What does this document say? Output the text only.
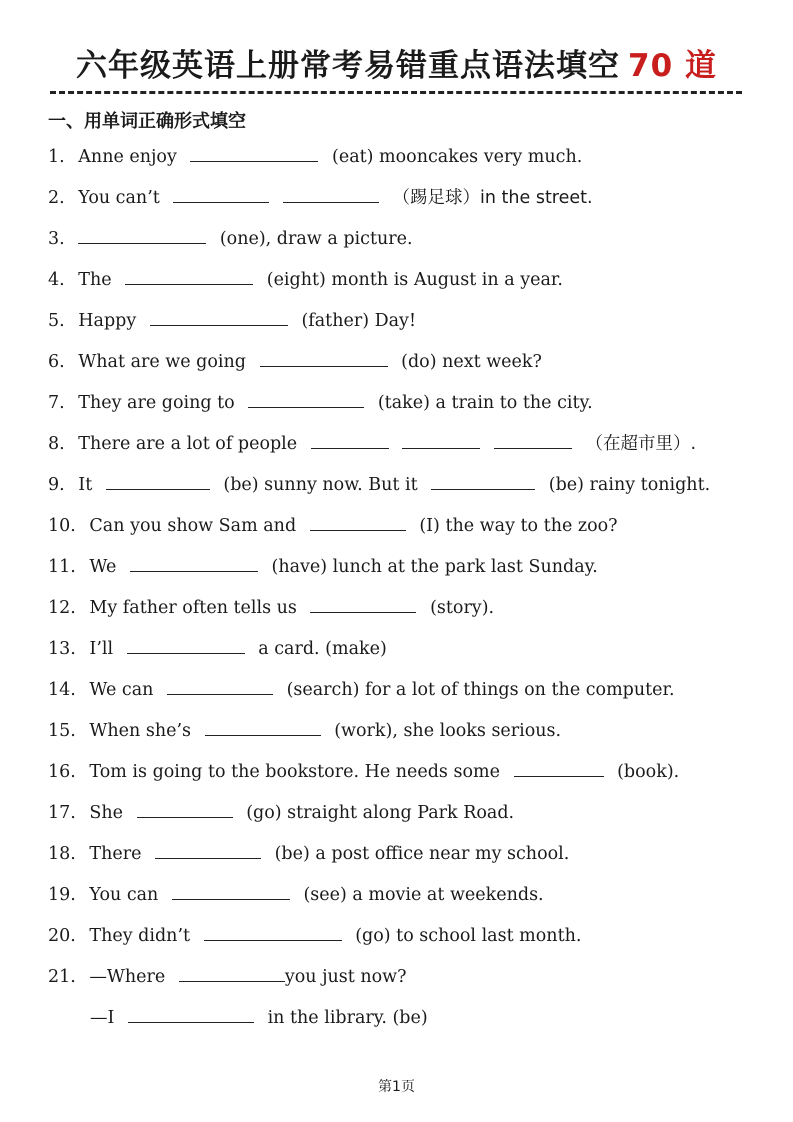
六年级英语上册常考易错重点语法填空 70 道
一、用单词正确形式填空
1. Anne enjoy	(eat) mooncakes very much.
2. You can’t	（踢足球）in the street.
3.	(one), draw a picture.
4. The	(eight) month is August in a year.
5. Happy	(father) Day!
6. What are we going	(do) next week?
7. They are going to	(take) a train to the city.
8. There are a lot of people	（在超市里）.
9. It	(be) sunny now. But it	(be) rainy tonight.
10. Can you show Sam and	(I) the way to the zoo?
11. We	(have) lunch at the park last Sunday.
12. My father often tells us	(story).
13. I’ll	a card. (make)
14. We can	(search) for a lot of things on the computer.
15. When she’s	(work), she looks serious.
16. Tom is going to the bookstore. He needs some	(book).
17. She	(go) straight along Park Road.
18. There	(be) a post office near my school.
19. You can	(see) a movie at weekends.
20. They didn’t	(go) to school last month.
21. —Where	you just now?
—I	in the library. (be)
第1页
